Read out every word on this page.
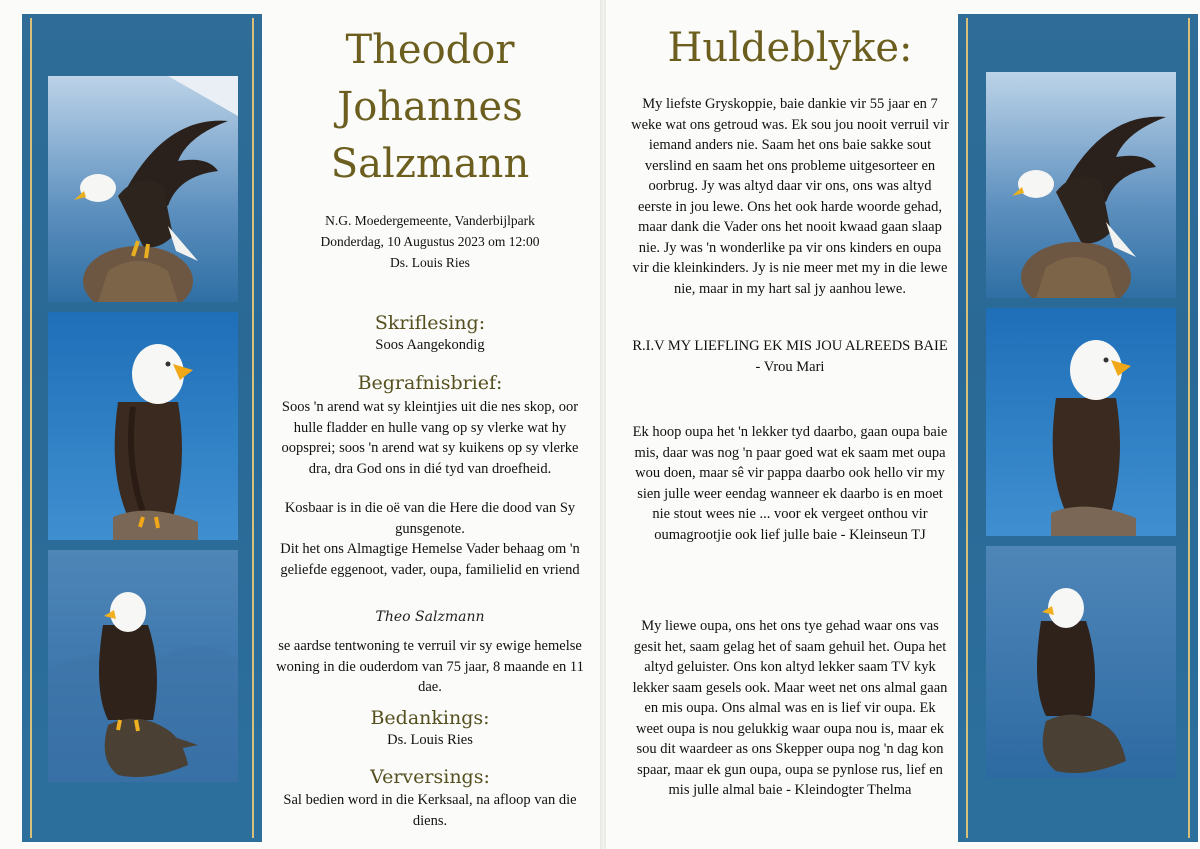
Theodor
Johannes
Salzmann
N.G. Moedergemeente, Vanderbijlpark
Donderdag, 10 Augustus 2023 om 12:00
Ds. Louis Ries
Skriflesing:
Soos Aangekondig
Begrafnisbrief:
Soos 'n arend wat sy kleintjies uit die nes skop, oor hulle fladder en hulle vang op sy vlerke wat hy oopsprei; soos 'n arend wat sy kuikens op sy vlerke dra, dra God ons in dié tyd van droefheid.
Kosbaar is in die oë van die Here die dood van Sy gunsgenote.
Dit het ons Almagtige Hemelse Vader behaag om 'n geliefde eggenoot, vader, oupa, familielid en vriend
Theo Salzmann
se aardse tentwoning te verruil vir sy ewige hemelse woning in die ouderdom van 75 jaar, 8 maande en 11 dae.
Bedankings:
Ds. Louis Ries
Verversings:
Sal bedien word in die Kerksaal, na afloop van die diens.
Huldeblyke:
My liefste Gryskoppie, baie dankie vir 55 jaar en 7 weke wat ons getroud was. Ek sou jou nooit verruil vir iemand anders nie. Saam het ons baie sakke sout verslind en saam het ons probleme uitgesorteer en oorbrug. Jy was altyd daar vir ons, ons was altyd eerste in jou lewe. Ons het ook harde woorde gehad, maar dank die Vader ons het nooit kwaad gaan slaap nie. Jy was 'n wonderlike pa vir ons kinders en oupa vir die kleinkinders. Jy is nie meer met my in die lewe nie, maar in my hart sal jy aanhou lewe.
R.I.V MY LIEFLING EK MIS JOU ALREEDS BAIE - Vrou Mari
Ek hoop oupa het 'n lekker tyd daarbo, gaan oupa baie mis, daar was nog 'n paar goed wat ek saam met oupa wou doen, maar sê vir pappa daarbo ook hello vir my sien julle weer eendag wanneer ek daarbo is en moet nie stout wees nie ... voor ek vergeet onthou vir oumagrootjie ook lief julle baie - Kleinseun TJ
My liewe oupa, ons het ons tye gehad waar ons vas gesit het, saam gelag het of saam gehuil het. Oupa het altyd geluister. Ons kon altyd lekker saam TV kyk lekker saam gesels ook. Maar weet net ons almal gaan en mis oupa. Ons almal was en is lief vir oupa. Ek weet oupa is nou gelukkig waar oupa nou is, maar ek sou dit waardeer as ons Skepper oupa nog 'n dag kon spaar, maar ek gun oupa, oupa se pynlose rus, lief en mis julle almal baie - Kleindogter Thelma
